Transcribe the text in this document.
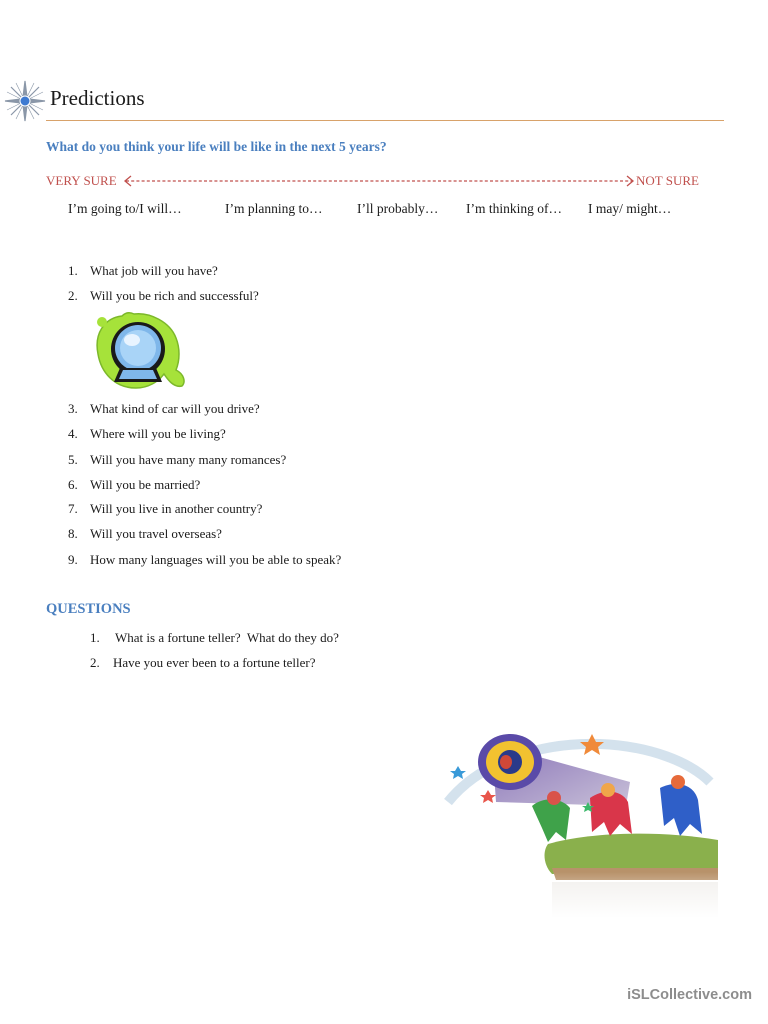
Predictions
What do you think your life will be like in the next 5 years?
VERY SURE	NOT SURE
I’m going to/I will…	I’m planning to…	I’ll probably… I’m thinking of… I may/ might…
1. What job will you have?
2. Will you be rich and successful?
3. What kind of car will you drive?
4. Where will you be living?
5. Will you have many many romances?
6. Will you be married?
7. Will you live in another country?
8. Will you travel overseas?
9. How many languages will you be able to speak?
QUESTIONS
1. What is a fortune teller?  What do they do?
2. Have you ever been to a fortune teller?
iSLCollective.com
